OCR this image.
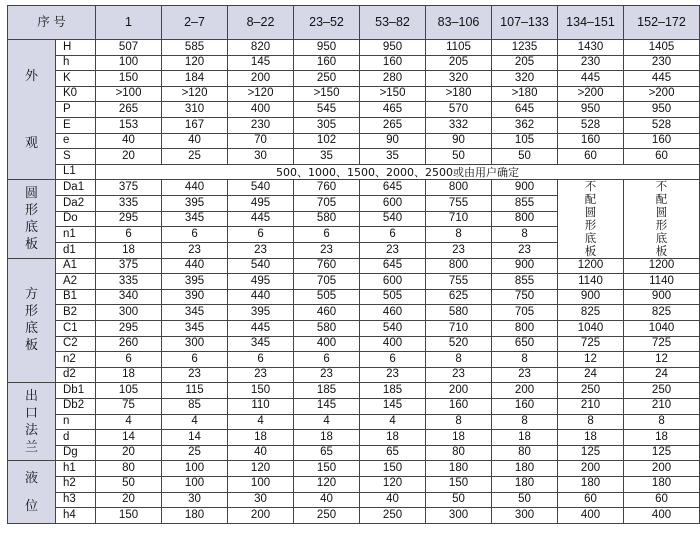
序 号		1	2–7	8–22	23–52	53–82	83–106	107–133	134–151	152–172

外
观	H	507	585	820	950	950	1105	1235	1430	1405
	h	100	120	145	160	160	205	205	230	230
	K	150	184	200	250	280	320	320	445	445
	K0	>100	>120	>120	>150	>150	>180	>180	>200	>200
	P	265	310	400	545	465	570	645	950	950
	E	153	167	230	305	265	332	362	528	528
	e	40	40	70	102	90	90	105	160	160
	S	20	25	30	35	35	50	50	60	60
	L1	500、1000、1500、2000、2500或由用户确定								

圆
形
底
板	Da1	375	440	540	760	645	800	900	不配圆形底板	不配圆形底板

	Da2	335	395	495	705	600	755	855		
	Do	295	345	445	580	540	710	800		
	n1	6	6	6	6	6	8	8		
	d1	18	23	23	23	23	23	23		

方
形
底
板	A1	375	440	540	760	645	800	900	1200	1200
	A2	335	395	495	705	600	755	855	1140	1140
	B1	340	390	440	505	505	625	750	900	900
	B2	300	345	395	460	460	580	705	825	825
	C1	295	345	445	580	540	710	800	1040	1040
	C2	260	300	345	400	400	520	650	725	725
	n2	6	6	6	6	6	8	8	12	12
	d2	18	23	23	23	23	23	23	24	24

出
口
法
兰	Db1	105	115	150	185	185	200	200	250	250
	Db2	75	85	110	145	145	160	160	210	210
	n	4	4	4	4	4	8	8	8	8
	d	14	14	18	18	18	18	18	18	18
	Dg	20	25	40	65	65	80	80	125	125

液
位	h1	80	100	120	150	150	180	180	200	200
	h2	50	100	100	120	120	150	180	180	180
	h3	20	30	30	40	40	50	50	60	60
	h4	150	180	200	250	250	300	300	400	400
